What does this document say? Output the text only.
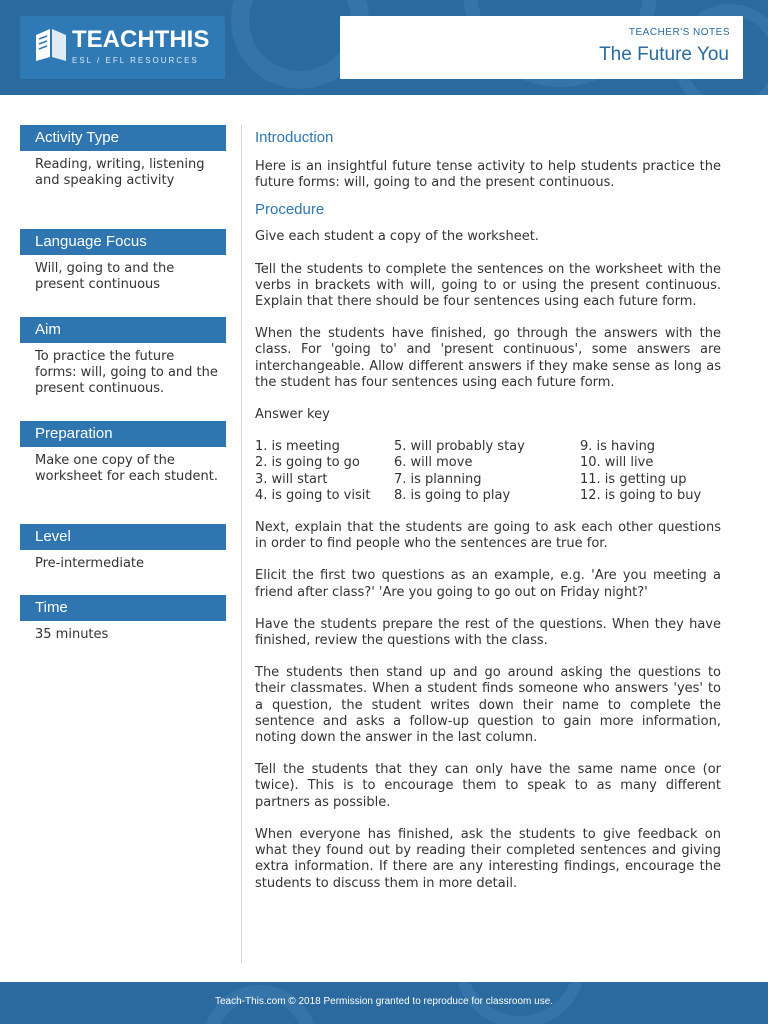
TEACHTHIS
ESL / EFL RESOURCES
TEACHER'S NOTES
The Future You
Activity Type
Reading, writing, listening and speaking activity
Language Focus
Will, going to and the present continuous
Aim
To practice the future forms: will, going to and the present continuous.
Preparation
Make one copy of the worksheet for each student.
Level
Pre-intermediate
Time
35 minutes
Introduction
Here is an insightful future tense activity to help students practice the future forms: will, going to and the present continuous.
Procedure
Give each student a copy of the worksheet.
Tell the students to complete the sentences on the worksheet with the verbs in brackets with will, going to or using the present continuous. Explain that there should be four sentences using each future form.
When the students have finished, go through the answers with the class. For 'going to' and 'present continuous', some answers are interchangeable. Allow different answers if they make sense as long as the student has four sentences using each future form.
Answer key
1. is meeting	5. will probably stay	9. is having
2. is going to go	6. will move	10. will live
3. will start	7. is planning	11. is getting up
4. is going to visit	8. is going to play	12. is going to buy
Next, explain that the students are going to ask each other questions in order to find people who the sentences are true for.
Elicit the first two questions as an example, e.g. 'Are you meeting a friend after class?' 'Are you going to go out on Friday night?'
Have the students prepare the rest of the questions. When they have finished, review the questions with the class.
The students then stand up and go around asking the questions to their classmates. When a student finds someone who answers 'yes' to a question, the student writes down their name to complete the sentence and asks a follow-up question to gain more information, noting down the answer in the last column.
Tell the students that they can only have the same name once (or twice). This is to encourage them to speak to as many different partners as possible.
When everyone has finished, ask the students to give feedback on what they found out by reading their completed sentences and giving extra information. If there are any interesting findings, encourage the students to discuss them in more detail.
Teach-This.com © 2018 Permission granted to reproduce for classroom use.
